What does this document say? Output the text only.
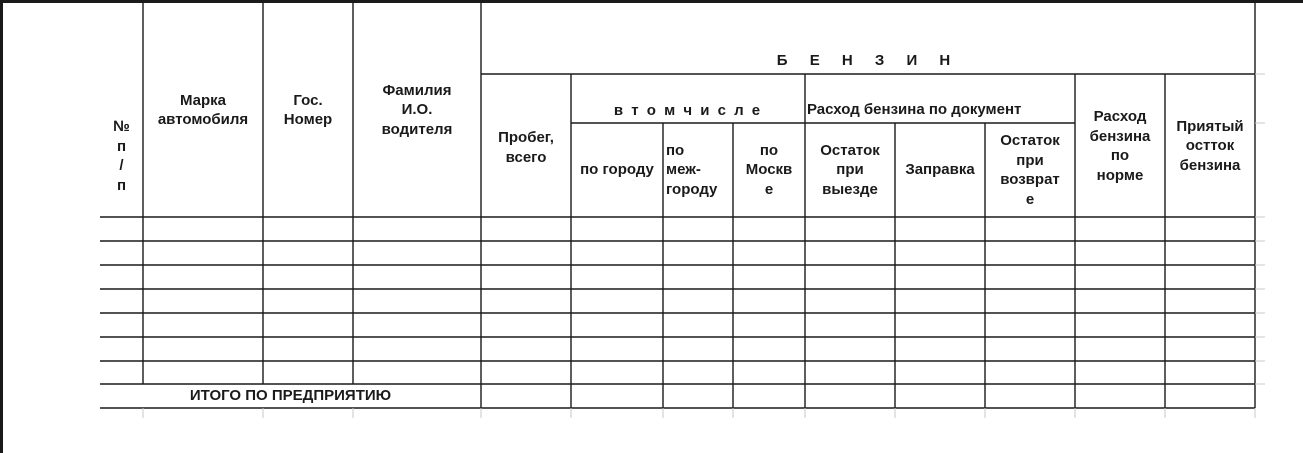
№
п
/
п
Марка
автомобиля
Гос.
Номер
Фамилия
И.О.
водителя
Б Е Н З И Н
Пробег,
всего
в т о м ч и с л е
по городу
по
меж-
городу
по
Москв
е
Расход бензина по документ
Остаток
при
выезде
Заправка
Остаток
при
возврат
е
Расход
бензина
по
норме
Приятый
остток
бензина
ИТОГО ПО ПРЕДПРИЯТИЮ
